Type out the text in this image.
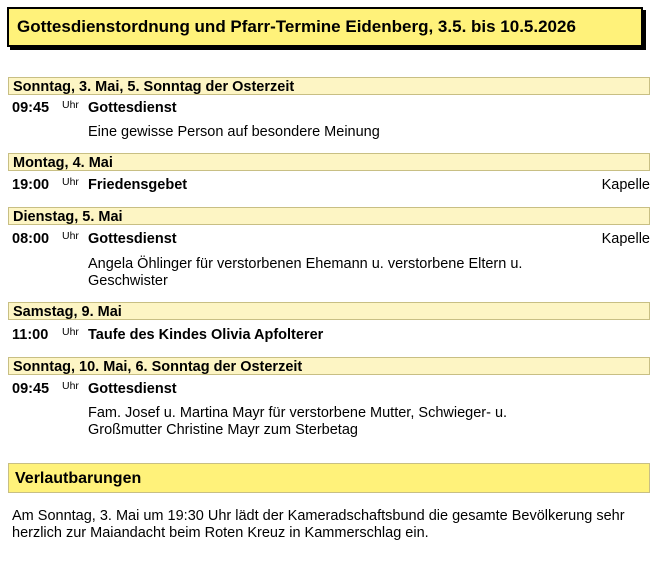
Gottesdienstordnung und Pfarr-Termine Eidenberg, 3.5. bis 10.5.2026
Sonntag, 3. Mai, 5. Sonntag der Osterzeit
09:45 Uhr Gottesdienst
Eine gewisse Person auf besondere Meinung
Montag, 4. Mai
19:00 Uhr Friedensgebet	Kapelle
Dienstag, 5. Mai
08:00 Uhr Gottesdienst	Kapelle
Angela Öhlinger für verstorbenen Ehemann u. verstorbene Eltern u. Geschwister
Samstag, 9. Mai
11:00 Uhr Taufe des Kindes Olivia Apfolterer
Sonntag, 10. Mai, 6. Sonntag der Osterzeit
09:45 Uhr Gottesdienst
Fam. Josef u. Martina Mayr für verstorbene Mutter, Schwieger- u. Großmutter Christine Mayr zum Sterbetag
Verlautbarungen
Am Sonntag, 3. Mai um 19:30 Uhr lädt der Kameradschaftsbund die gesamte Bevölkerung sehr herzlich zur Maiandacht beim Roten Kreuz in Kammerschlag ein.
